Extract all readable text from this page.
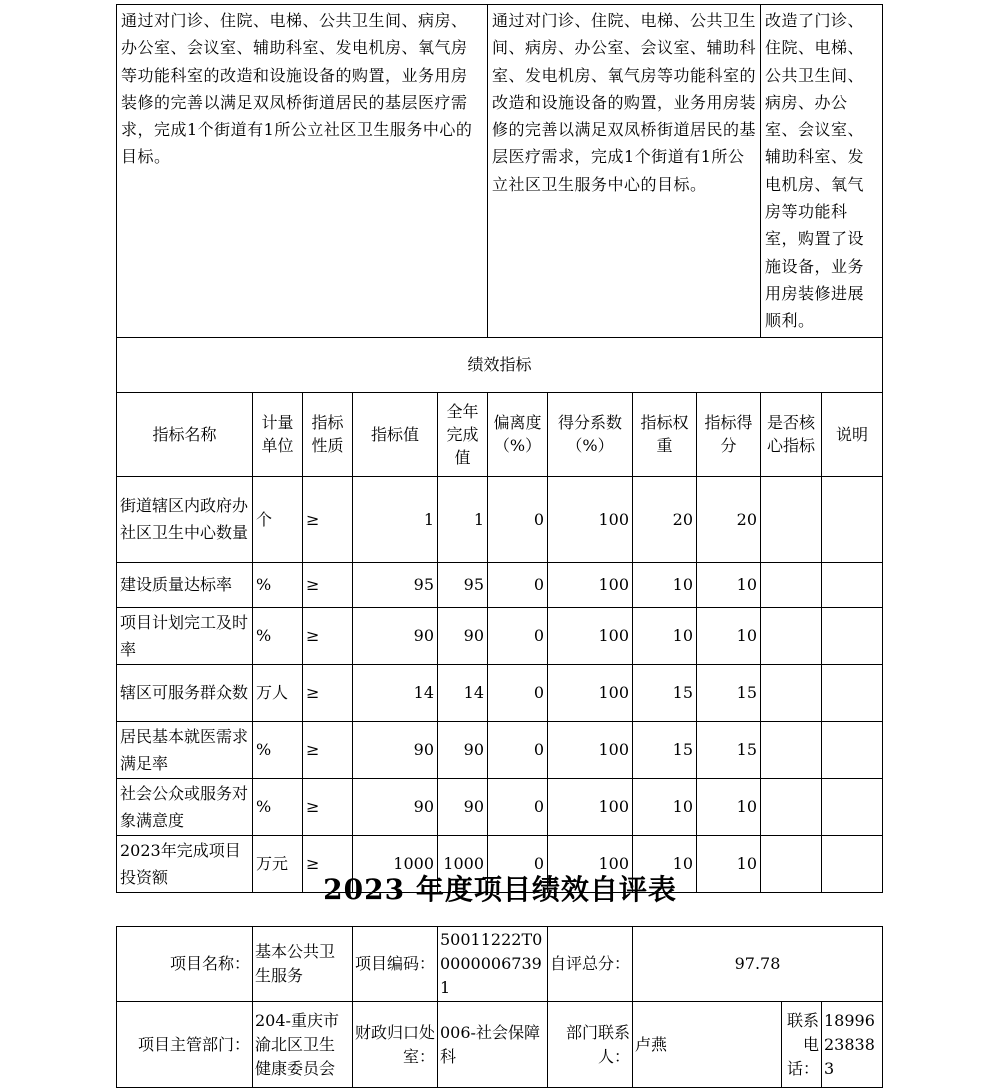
通过对门诊、住院、电梯、公共卫生间、病房、办公室、会议室、辅助科室、发电机房、氧气房等功能科室的改造和设施设备的购置，业务用房装修的完善以满足双凤桥街道居民的基层医疗需求，完成1个街道有1所公立社区卫生服务中心的目标。					通过对门诊、住院、电梯、公共卫生间、病房、办公室、会议室、辅助科室、发电机房、氧气房等功能科室的改造和设施设备的购置，业务用房装修的完善以满足双凤桥街道居民的基层医疗需求，完成1个街道有1所公立社区卫生服务中心的目标。				改造了门诊、住院、电梯、公共卫生间、病房、办公室、会议室、辅助科室、发电机房、氧气房等功能科室，购置了设施设备，业务用房装修进展顺利。	
绩效指标										
指标名称	计量单位	指标性质	指标值	全年完成值	偏离度（%）	得分系数（%）	指标权重	指标得分	是否核心指标	说明
街道辖区内政府办社区卫生中心数量	个	≥	1	1	0	100	20	20		
建设质量达标率	%	≥	95	95	0	100	10	10		
项目计划完工及时率	%	≥	90	90	0	100	10	10		
辖区可服务群众数	万人	≥	14	14	0	100	15	15		
居民基本就医需求满足率	%	≥	90	90	0	100	15	15		
社会公众或服务对象满意度	%	≥	90	90	0	100	10	10		
2023年完成项目投资额	万元	≥	1000	1000	0	100	10	10		
2023 年度项目绩效自评表
项目名称：	基本公共卫生服务	项目编码：	50011222T000000067391	自评总分：	97.78		
项目主管部门：	204-重庆市渝北区卫生健康委员会	财政归口处室：	006-社会保障科	部门联系人：	卢燕	联系电话：	18996238383
